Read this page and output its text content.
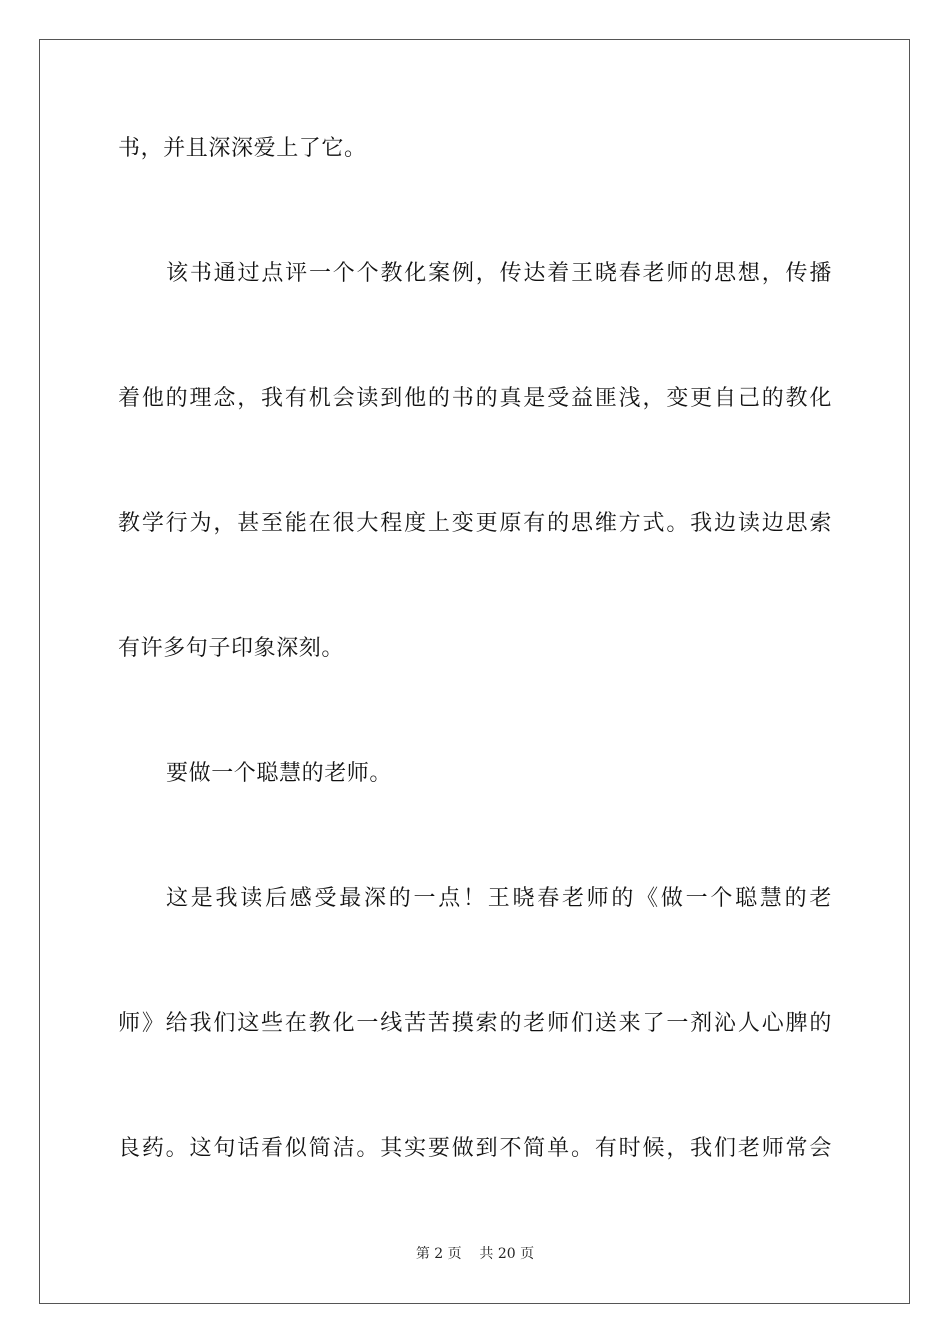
书，并且深深爱上了它。
该书通过点评一个个教化案例，传达着王晓春老师的思想，传播
着他的理念，我有机会读到他的书的真是受益匪浅，变更自己的教化
教学行为，甚至能在很大程度上变更原有的思维方式。我边读边思索
有许多句子印象深刻。
要做一个聪慧的老师。
这是我读后感受最深的一点！王晓春老师的《做一个聪慧的老
师》给我们这些在教化一线苦苦摸索的老师们送来了一剂沁人心脾的
良药。这句话看似简洁。其实要做到不简单。有时候，我们老师常会
第 2 页    共 20 页
